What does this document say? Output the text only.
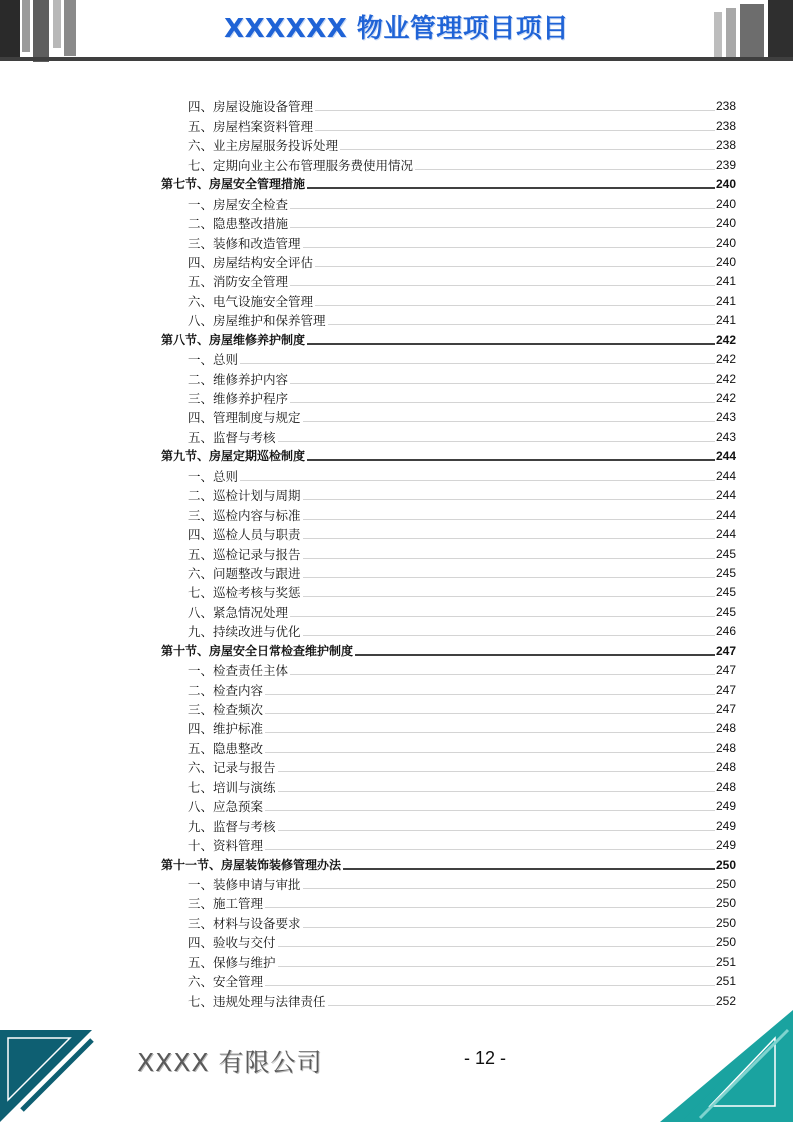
XXXXXX 物业管理项目项目
四、房屋设施设备管理	238
五、房屋档案资料管理	238
六、业主房屋服务投诉处理	238
七、定期向业主公布管理服务费使用情况	239
第七节、房屋安全管理措施	240
一、房屋安全检查	240
二、隐患整改措施	240
三、装修和改造管理	240
四、房屋结构安全评估	240
五、消防安全管理	241
六、电气设施安全管理	241
八、房屋维护和保养管理	241
第八节、房屋维修养护制度	242
一、总则	242
二、维修养护内容	242
三、维修养护程序	242
四、管理制度与规定	243
五、监督与考核	243
第九节、房屋定期巡检制度	244
一、总则	244
二、巡检计划与周期	244
三、巡检内容与标准	244
四、巡检人员与职责	244
五、巡检记录与报告	245
六、问题整改与跟进	245
七、巡检考核与奖惩	245
八、紧急情况处理	245
九、持续改进与优化	246
第十节、房屋安全日常检查维护制度	247
一、检查责任主体	247
二、检查内容	247
三、检查频次	247
四、维护标准	248
五、隐患整改	248
六、记录与报告	248
七、培训与演练	248
八、应急预案	249
九、监督与考核	249
十、资料管理	249
第十一节、房屋装饰装修管理办法	250
一、装修申请与审批	250
三、施工管理	250
三、材料与设备要求	250
四、验收与交付	250
五、保修与维护	251
六、安全管理	251
七、违规处理与法律责任	252
XXXX 有限公司	- 12 -
